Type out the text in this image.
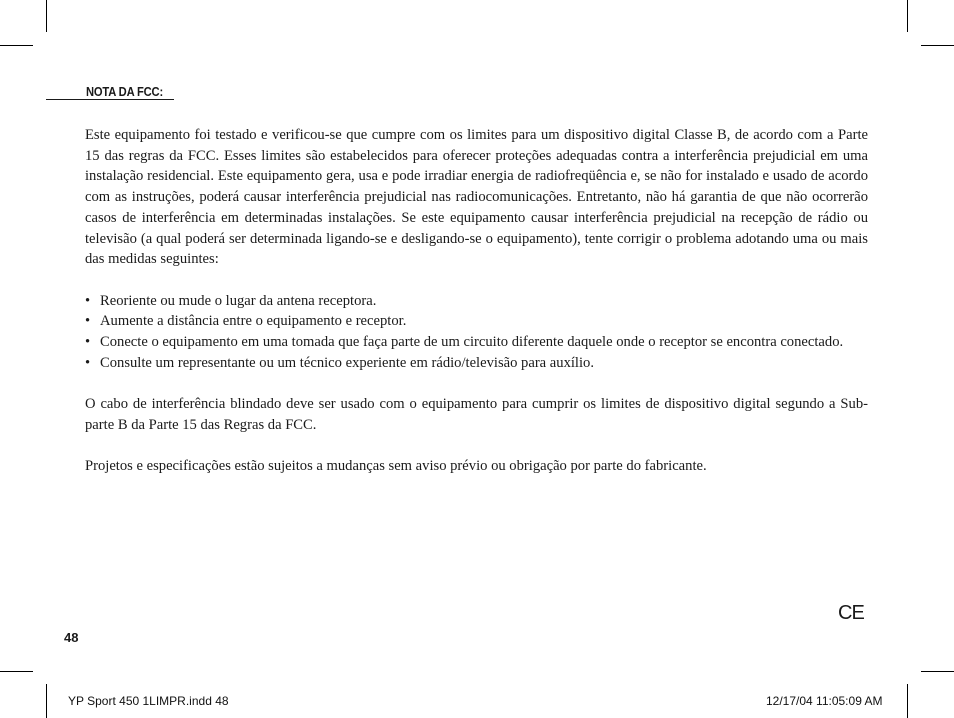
NOTA DA FCC:

Este equipamento foi testado e verificou-se que cumpre com os limites para um dispositivo digital Classe B, de acordo com a Parte 15 das regras da FCC. Esses limites são estabelecidos para oferecer proteções adequadas contra a interferência prejudicial em uma instalação residencial. Este equipamento gera, usa e pode irradiar energia de radiofreqüência e, se não for instalado e usado de acordo com as instruções, poderá causar interferência prejudicial nas radiocomunicações. Entretanto, não há garantia de que não ocorrerão casos de interferência em determinadas instalações. Se este equipamento causar interferência prejudicial na recepção de rádio ou televisão (a qual poderá ser determinada ligando-se e desligando-se o equipamento), tente corrigir o problema adotando uma ou mais das medidas seguintes:

• Reoriente ou mude o lugar da antena receptora.
• Aumente a distância entre o equipamento e receptor.
• Conecte o equipamento em uma tomada que faça parte de um circuito diferente daquele onde o receptor se encontra conectado.
• Consulte um representante ou um técnico experiente em rádio/televisão para auxílio.

O cabo de interferência blindado deve ser usado com o equipamento para cumprir os limites de dispositivo digital segundo a Sub-parte B da Parte 15 das Regras da FCC.

Projetos e especificações estão sujeitos a mudanças sem aviso prévio ou obrigação por parte do fabricante.

CE
48
YP Sport 450 1LIMPR.indd 48	12/17/04 11:05:09 AM
